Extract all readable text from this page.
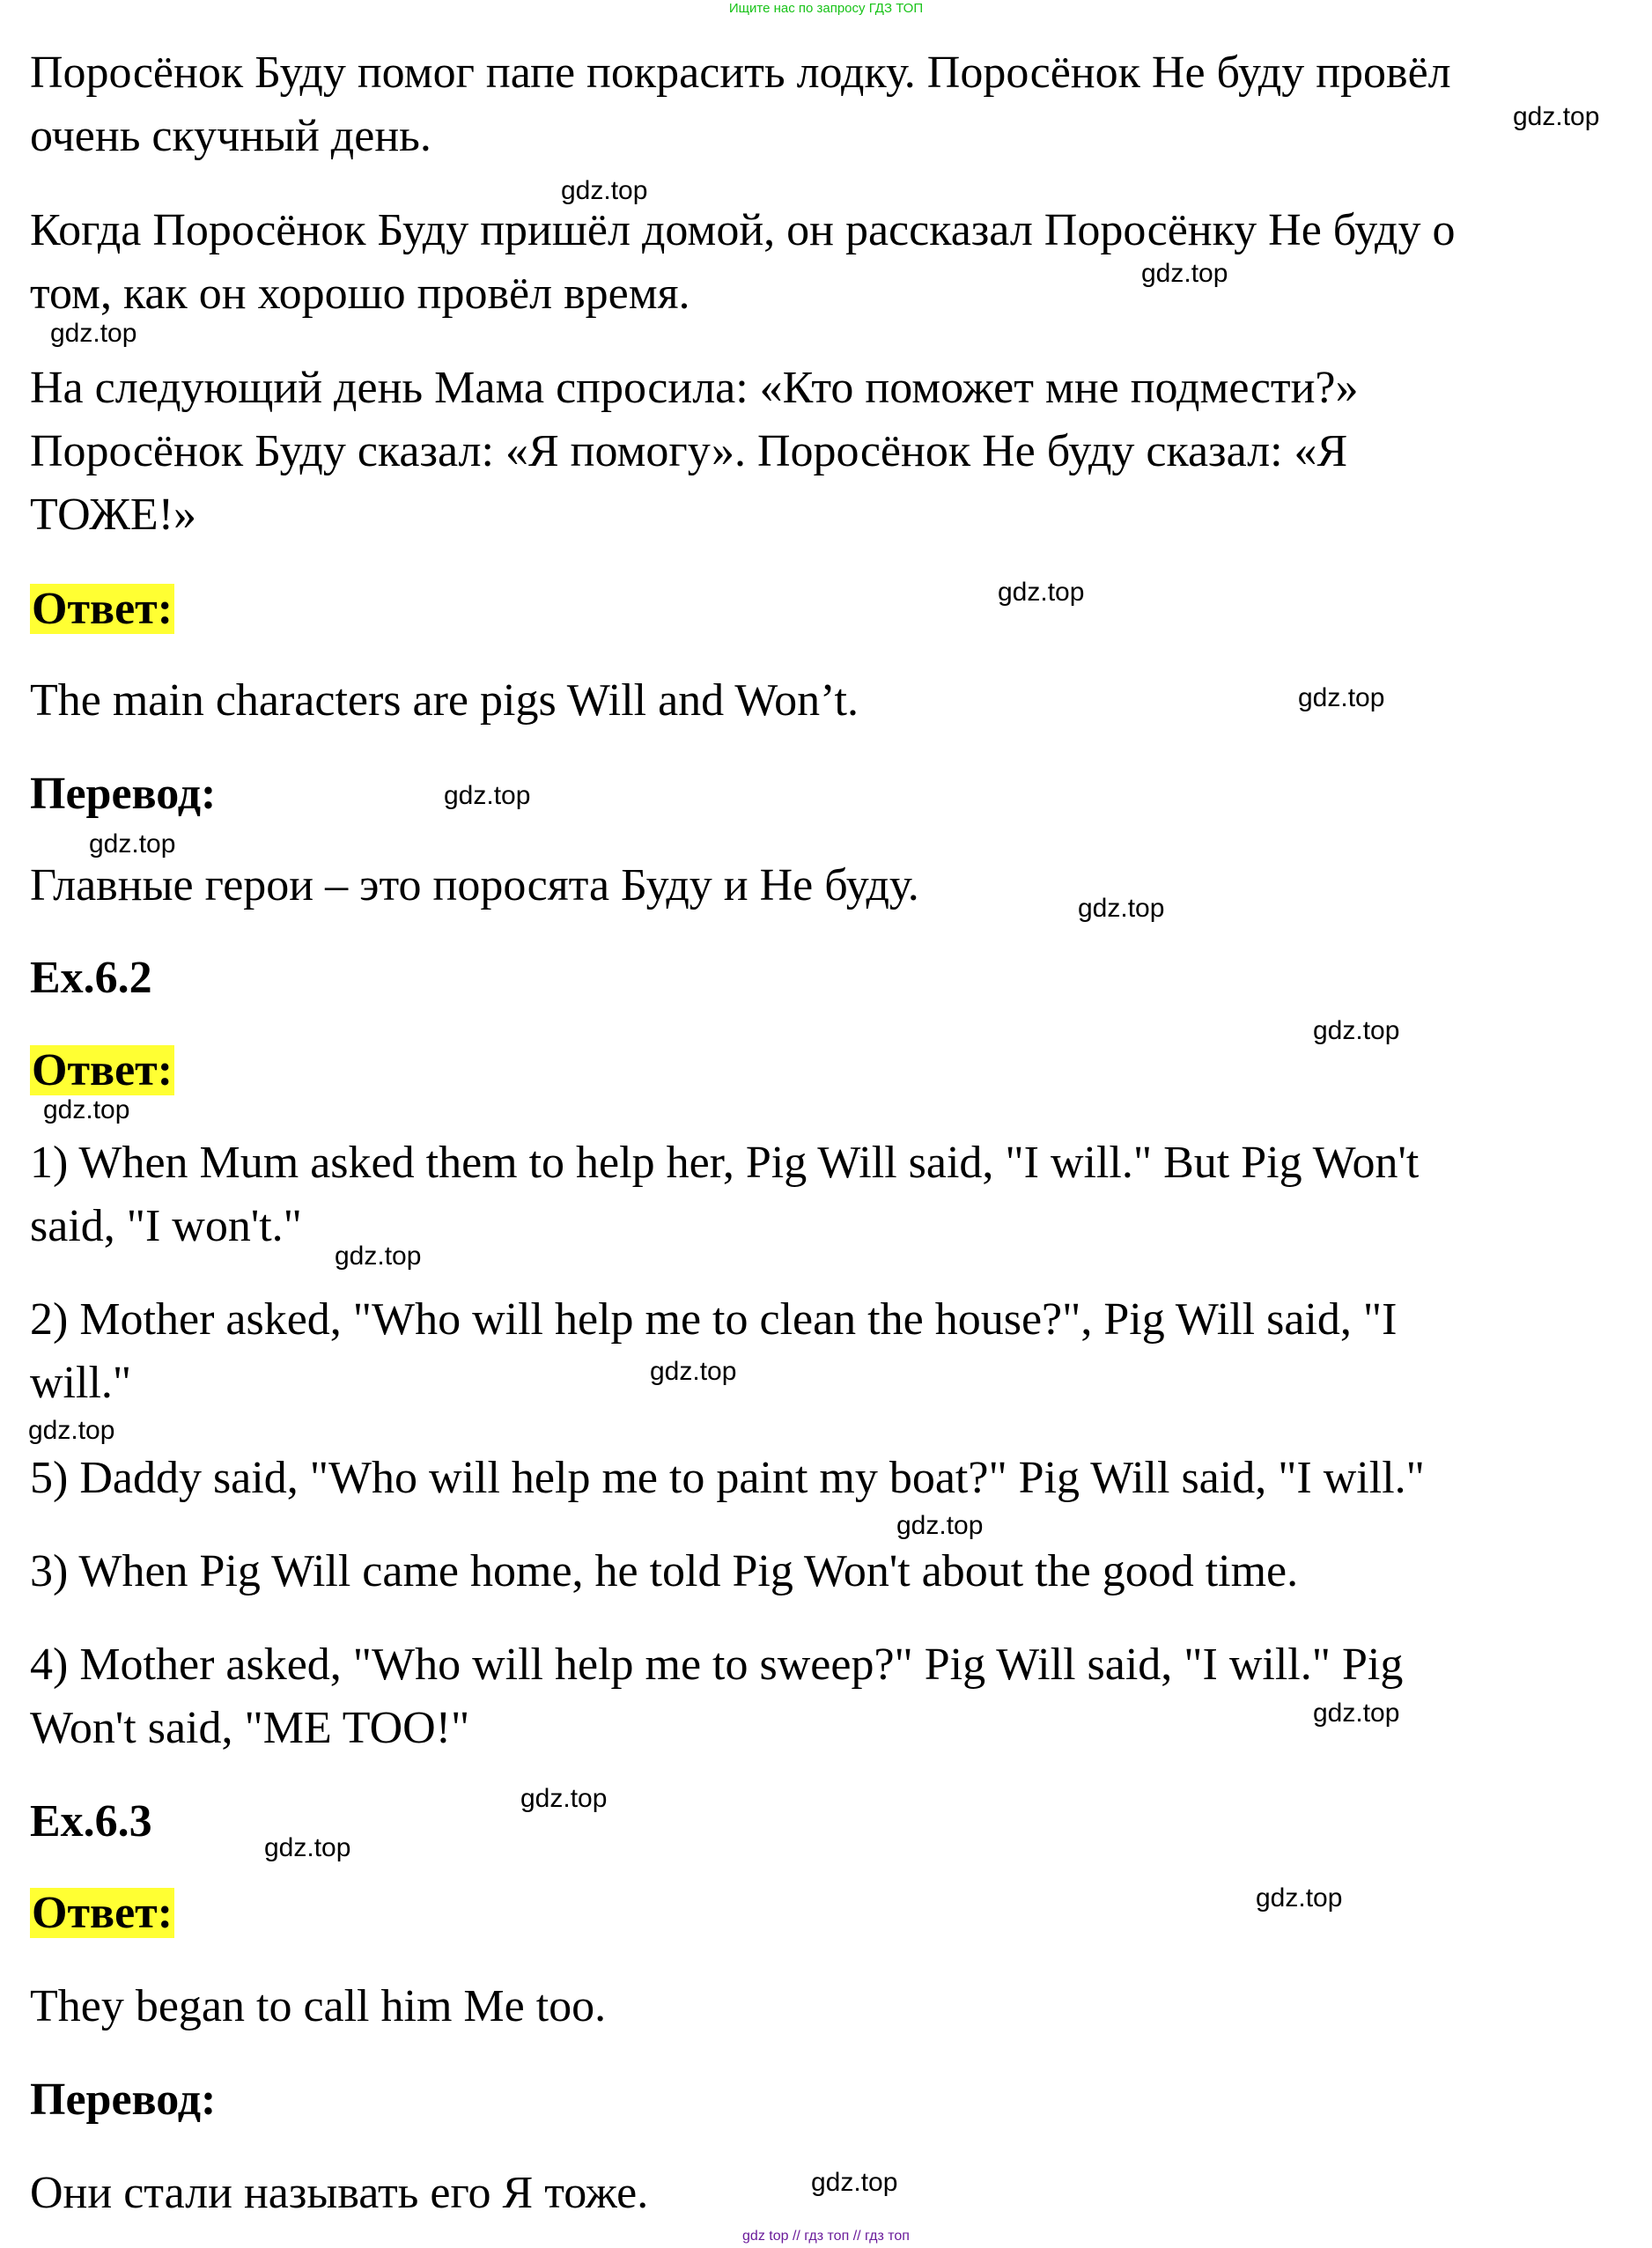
Ищите нас по запросу ГДЗ ТОП
Поросёнок Буду помог папе покрасить лодку. Поросёнок Не буду провёл
очень скучный день.
Когда Поросёнок Буду пришёл домой, он рассказал Поросёнку Не буду о
том, как он хорошо провёл время.
На следующий день Мама спросила: «Кто поможет мне подмести?»
Поросёнок Буду сказал: «Я помогу». Поросёнок Не буду сказал: «Я
ТОЖЕ!»
Ответ:
The main characters are pigs Will and Won’t.
Перевод:
Главные герои – это поросята Буду и Не буду.
Ex.6.2
Ответ:
1) When Mum asked them to help her, Pig Will said, "I will." But Pig Won't
said, "I won't."
2) Mother asked, "Who will help me to clean the house?", Pig Will said, "I
will."
5) Daddy said, "Who will help me to paint my boat?" Pig Will said, "I will."
3) When Pig Will came home, he told Pig Won't about the good time.
4) Mother asked, "Who will help me to sweep?" Pig Will said, "I will." Pig
Won't said, "ME TOO!"
Ex.6.3
Ответ:
They began to call him Me too.
Перевод:
Они стали называть его Я тоже.
gdz.top
gdz.top
gdz.top
gdz.top
gdz.top
gdz.top
gdz.top
gdz.top
gdz.top
gdz.top
gdz.top
gdz.top
gdz.top
gdz.top
gdz.top
gdz.top
gdz.top
gdz.top
gdz.top
gdz.top
gdz top // гдз топ // гдз топ
